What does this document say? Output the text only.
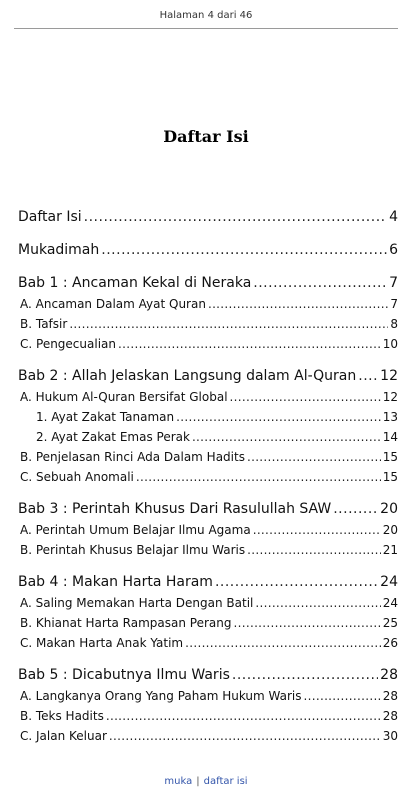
Halaman 4 dari 46
Daftar Isi
Daftar Isi .....	4
Mukadimah .....	6
Bab 1 : Ancaman Kekal di Neraka .....	7
A. Ancaman Dalam Ayat Quran .....	7
B. Tafsir .....	8
C. Pengecualian .....	10
Bab 2 : Allah Jelaskan Langsung dalam Al-Quran ..... 12
A. Hukum Al-Quran Bersifat Global .....	12
1. Ayat Zakat Tanaman .....	13
2. Ayat Zakat Emas Perak .....	14
B. Penjelasan Rinci Ada Dalam Hadits .....	15
C. Sebuah Anomali .....	15
Bab 3 : Perintah Khusus Dari Rasulullah SAW .....	20
A. Perintah Umum Belajar Ilmu Agama .....	20
B. Perintah Khusus Belajar Ilmu Waris .....	21
Bab 4 : Makan Harta Haram .....	24
A. Saling Memakan Harta Dengan Batil .....	24
B. Khianat Harta Rampasan Perang .....	25
C. Makan Harta Anak Yatim .....	26
Bab 5 : Dicabutnya Ilmu Waris .....	28
A. Langkanya Orang Yang Paham Hukum Waris .....	28
B. Teks Hadits .....	28
C. Jalan Keluar .....	30
muka | daftar isi
